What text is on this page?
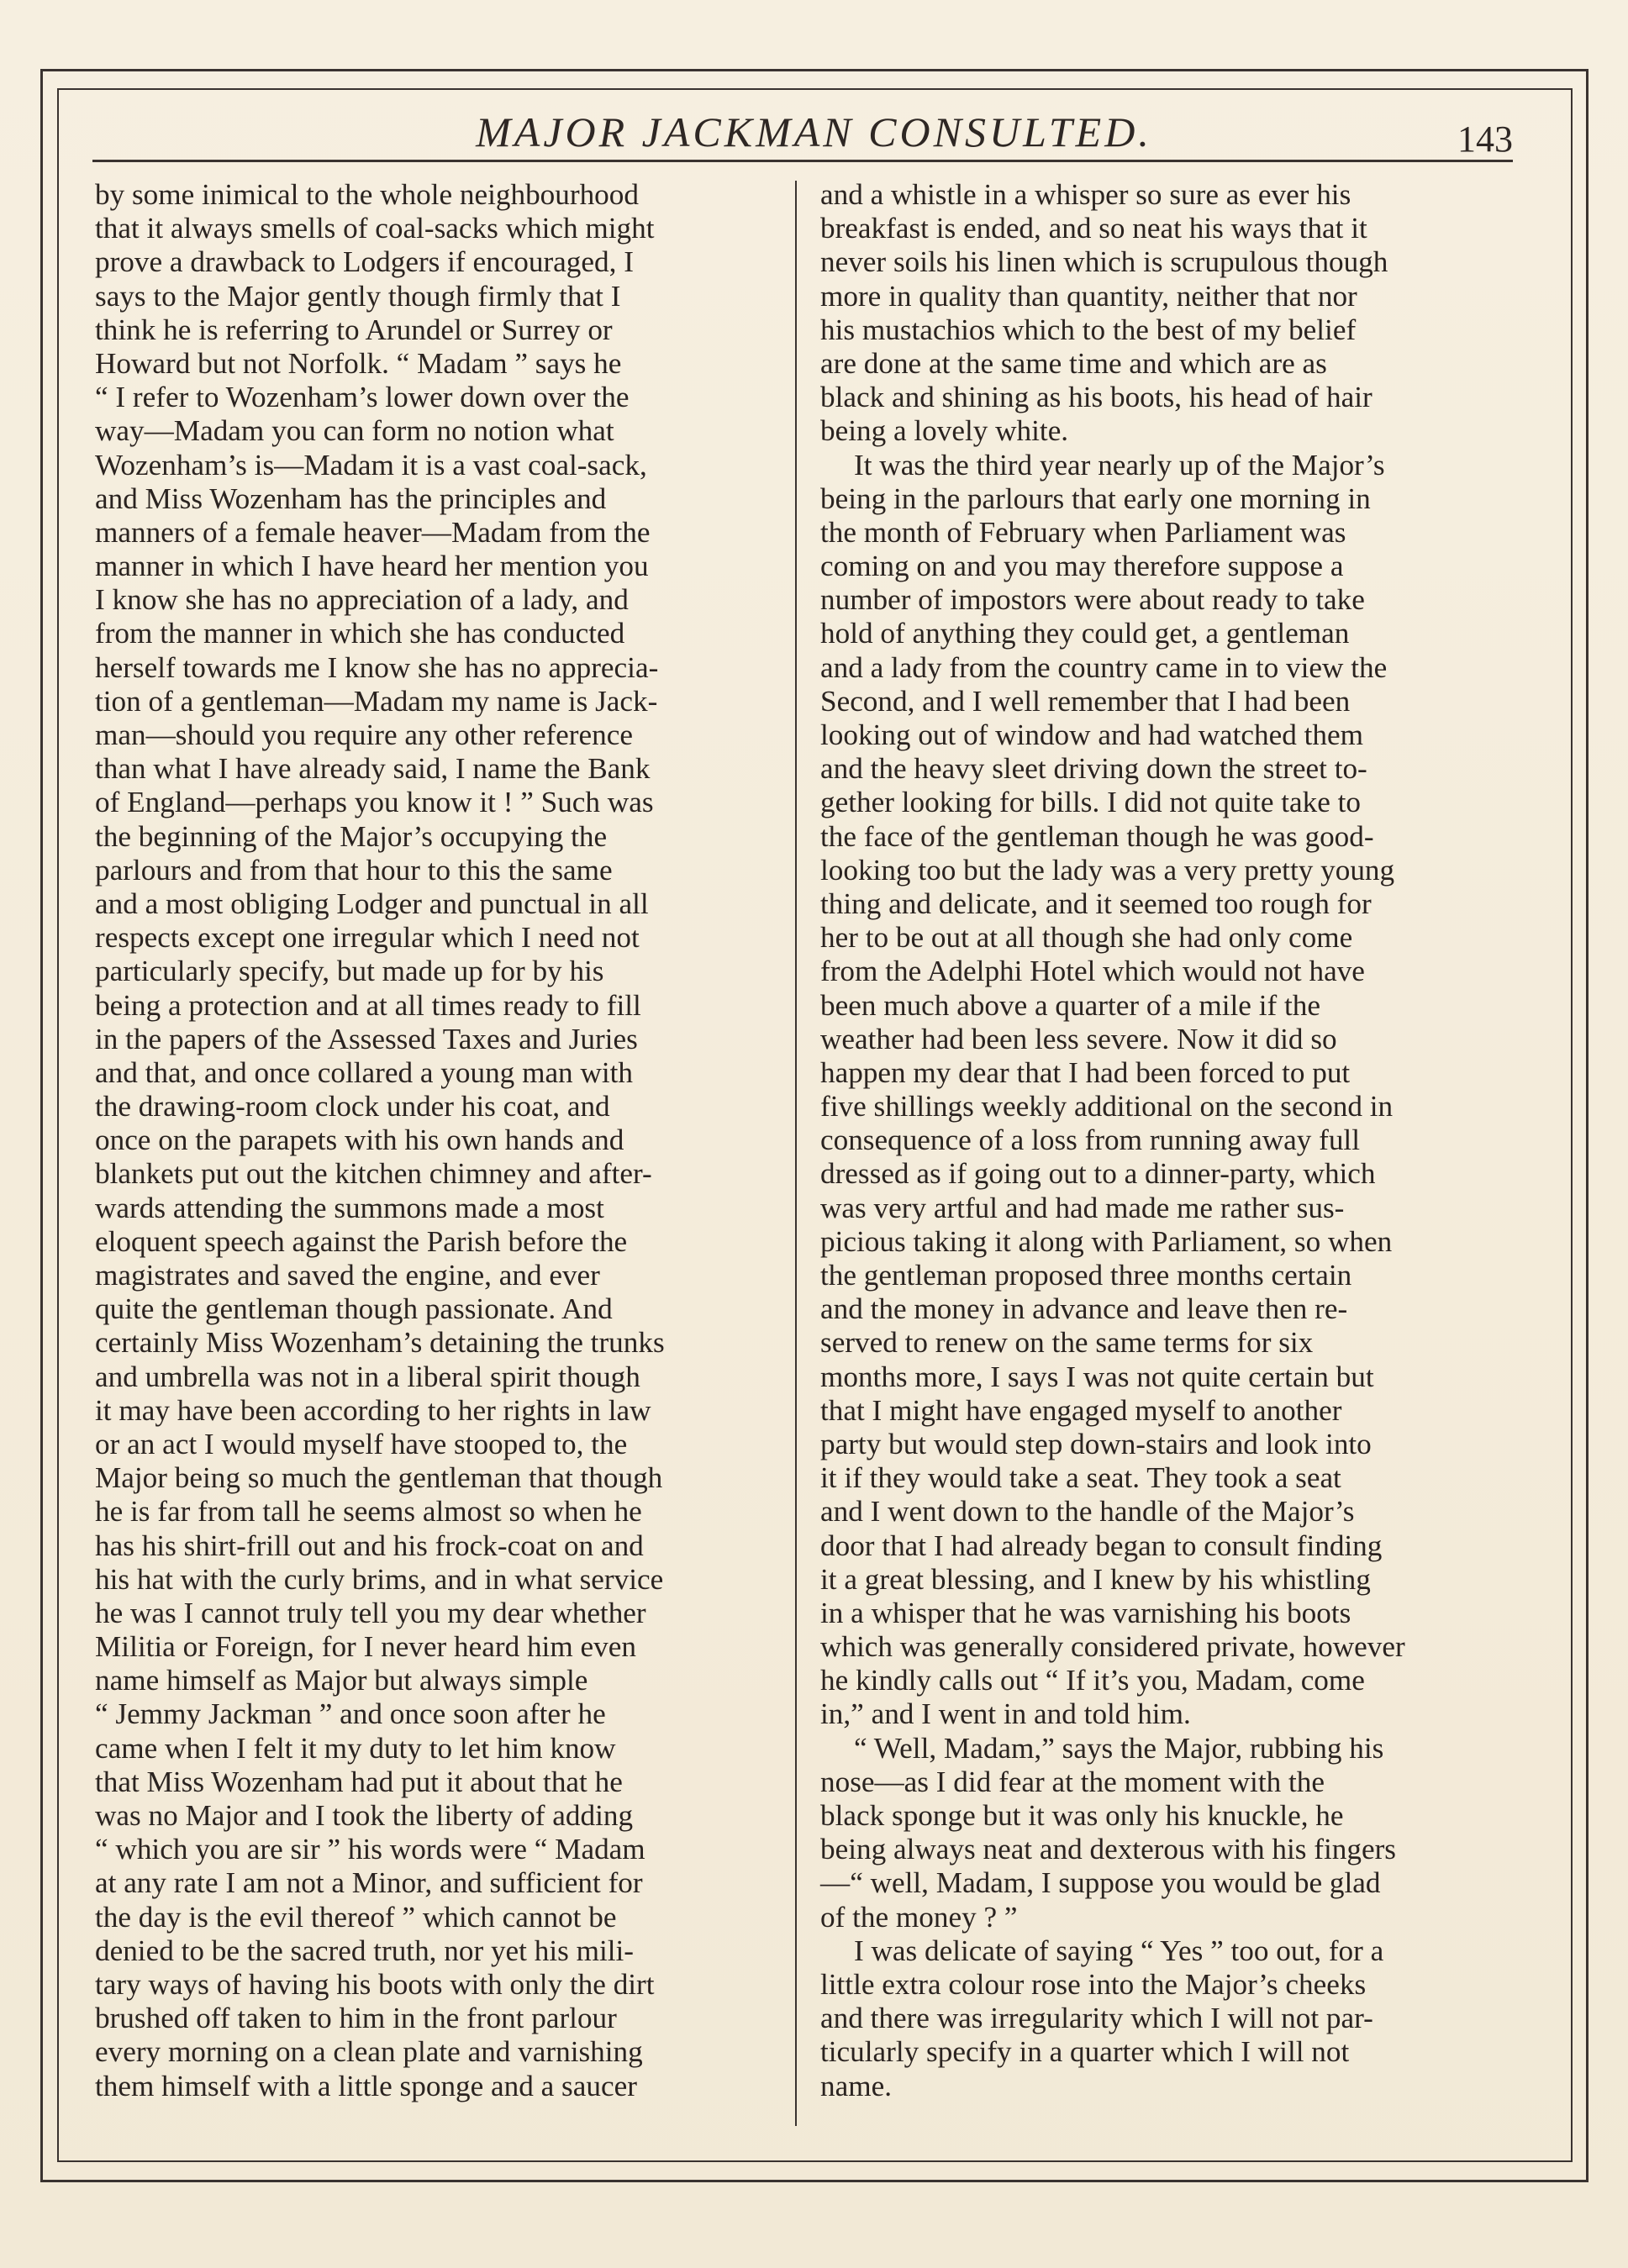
MAJOR JACKMAN CONSULTED.	143
by some inimical to the whole neighbourhood
that it always smells of coal-sacks which might
prove a drawback to Lodgers if encouraged, I
says to the Major gently though firmly that I
think he is referring to Arundel or Surrey or
Howard but not Norfolk. “ Madam ” says he
“ I refer to Wozenham’s lower down over the
way—Madam you can form no notion what
Wozenham’s is—Madam it is a vast coal-sack,
and Miss Wozenham has the principles and
manners of a female heaver—Madam from the
manner in which I have heard her mention you
I know she has no appreciation of a lady, and
from the manner in which she has conducted
herself towards me I know she has no apprecia-
tion of a gentleman—Madam my name is Jack-
man—should you require any other reference
than what I have already said, I name the Bank
of England—perhaps you know it ! ” Such was
the beginning of the Major’s occupying the
parlours and from that hour to this the same
and a most obliging Lodger and punctual in all
respects except one irregular which I need not
particularly specify, but made up for by his
being a protection and at all times ready to fill
in the papers of the Assessed Taxes and Juries
and that, and once collared a young man with
the drawing-room clock under his coat, and
once on the parapets with his own hands and
blankets put out the kitchen chimney and after-
wards attending the summons made a most
eloquent speech against the Parish before the
magistrates and saved the engine, and ever
quite the gentleman though passionate. And
certainly Miss Wozenham’s detaining the trunks
and umbrella was not in a liberal spirit though
it may have been according to her rights in law
or an act I would myself have stooped to, the
Major being so much the gentleman that though
he is far from tall he seems almost so when he
has his shirt-frill out and his frock-coat on and
his hat with the curly brims, and in what service
he was I cannot truly tell you my dear whether
Militia or Foreign, for I never heard him even
name himself as Major but always simple
“ Jemmy Jackman ” and once soon after he
came when I felt it my duty to let him know
that Miss Wozenham had put it about that he
was no Major and I took the liberty of adding
“ which you are sir ” his words were “ Madam
at any rate I am not a Minor, and sufficient for
the day is the evil thereof ” which cannot be
denied to be the sacred truth, nor yet his mili-
tary ways of having his boots with only the dirt
brushed off taken to him in the front parlour
every morning on a clean plate and varnishing
them himself with a little sponge and a saucer
and a whistle in a whisper so sure as ever his
breakfast is ended, and so neat his ways that it
never soils his linen which is scrupulous though
more in quality than quantity, neither that nor
his mustachios which to the best of my belief
are done at the same time and which are as
black and shining as his boots, his head of hair
being a lovely white.
It was the third year nearly up of the Major’s
being in the parlours that early one morning in
the month of February when Parliament was
coming on and you may therefore suppose a
number of impostors were about ready to take
hold of anything they could get, a gentleman
and a lady from the country came in to view the
Second, and I well remember that I had been
looking out of window and had watched them
and the heavy sleet driving down the street to-
gether looking for bills. I did not quite take to
the face of the gentleman though he was good-
looking too but the lady was a very pretty young
thing and delicate, and it seemed too rough for
her to be out at all though she had only come
from the Adelphi Hotel which would not have
been much above a quarter of a mile if the
weather had been less severe. Now it did so
happen my dear that I had been forced to put
five shillings weekly additional on the second in
consequence of a loss from running away full
dressed as if going out to a dinner-party, which
was very artful and had made me rather sus-
picious taking it along with Parliament, so when
the gentleman proposed three months certain
and the money in advance and leave then re-
served to renew on the same terms for six
months more, I says I was not quite certain but
that I might have engaged myself to another
party but would step down-stairs and look into
it if they would take a seat. They took a seat
and I went down to the handle of the Major’s
door that I had already began to consult finding
it a great blessing, and I knew by his whistling
in a whisper that he was varnishing his boots
which was generally considered private, however
he kindly calls out “ If it’s you, Madam, come
in,” and I went in and told him.
“ Well, Madam,” says the Major, rubbing his
nose—as I did fear at the moment with the
black sponge but it was only his knuckle, he
being always neat and dexterous with his fingers
—“ well, Madam, I suppose you would be glad
of the money ? ”
I was delicate of saying “ Yes ” too out, for a
little extra colour rose into the Major’s cheeks
and there was irregularity which I will not par-
ticularly specify in a quarter which I will not
name.
